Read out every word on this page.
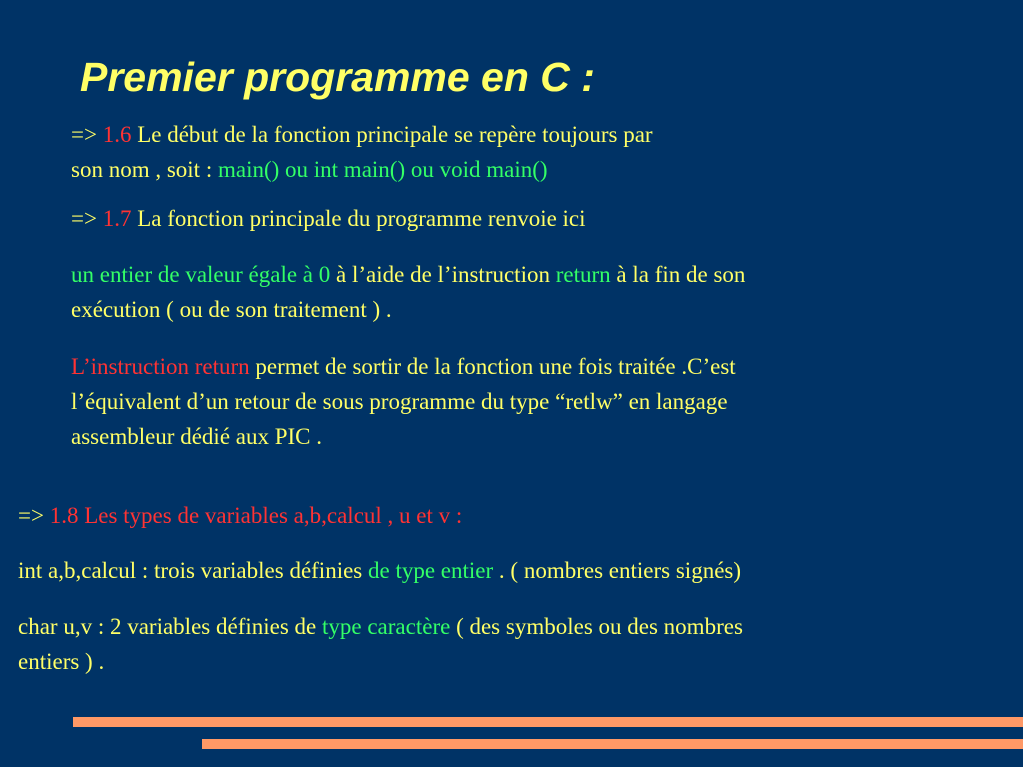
Premier programme en C :

=> 1.6 Le début de la fonction principale se repère toujours par
son nom , soit : main() ou int main() ou void main()

=> 1.7 La fonction principale du programme renvoie ici

un entier de valeur égale à 0 à l’aide de l’instruction return à la fin de son
exécution ( ou de son traitement ) .

L’instruction return permet de sortir de la fonction une fois traitée .C’est
l’équivalent d’un retour de sous programme du type “retlw” en langage
assembleur dédié aux PIC .

=> 1.8 Les types de variables a,b,calcul , u et v :

int a,b,calcul : trois variables définies de type entier . ( nombres entiers signés)

char u,v : 2 variables définies de type caractère ( des symboles ou des nombres
entiers ) .
